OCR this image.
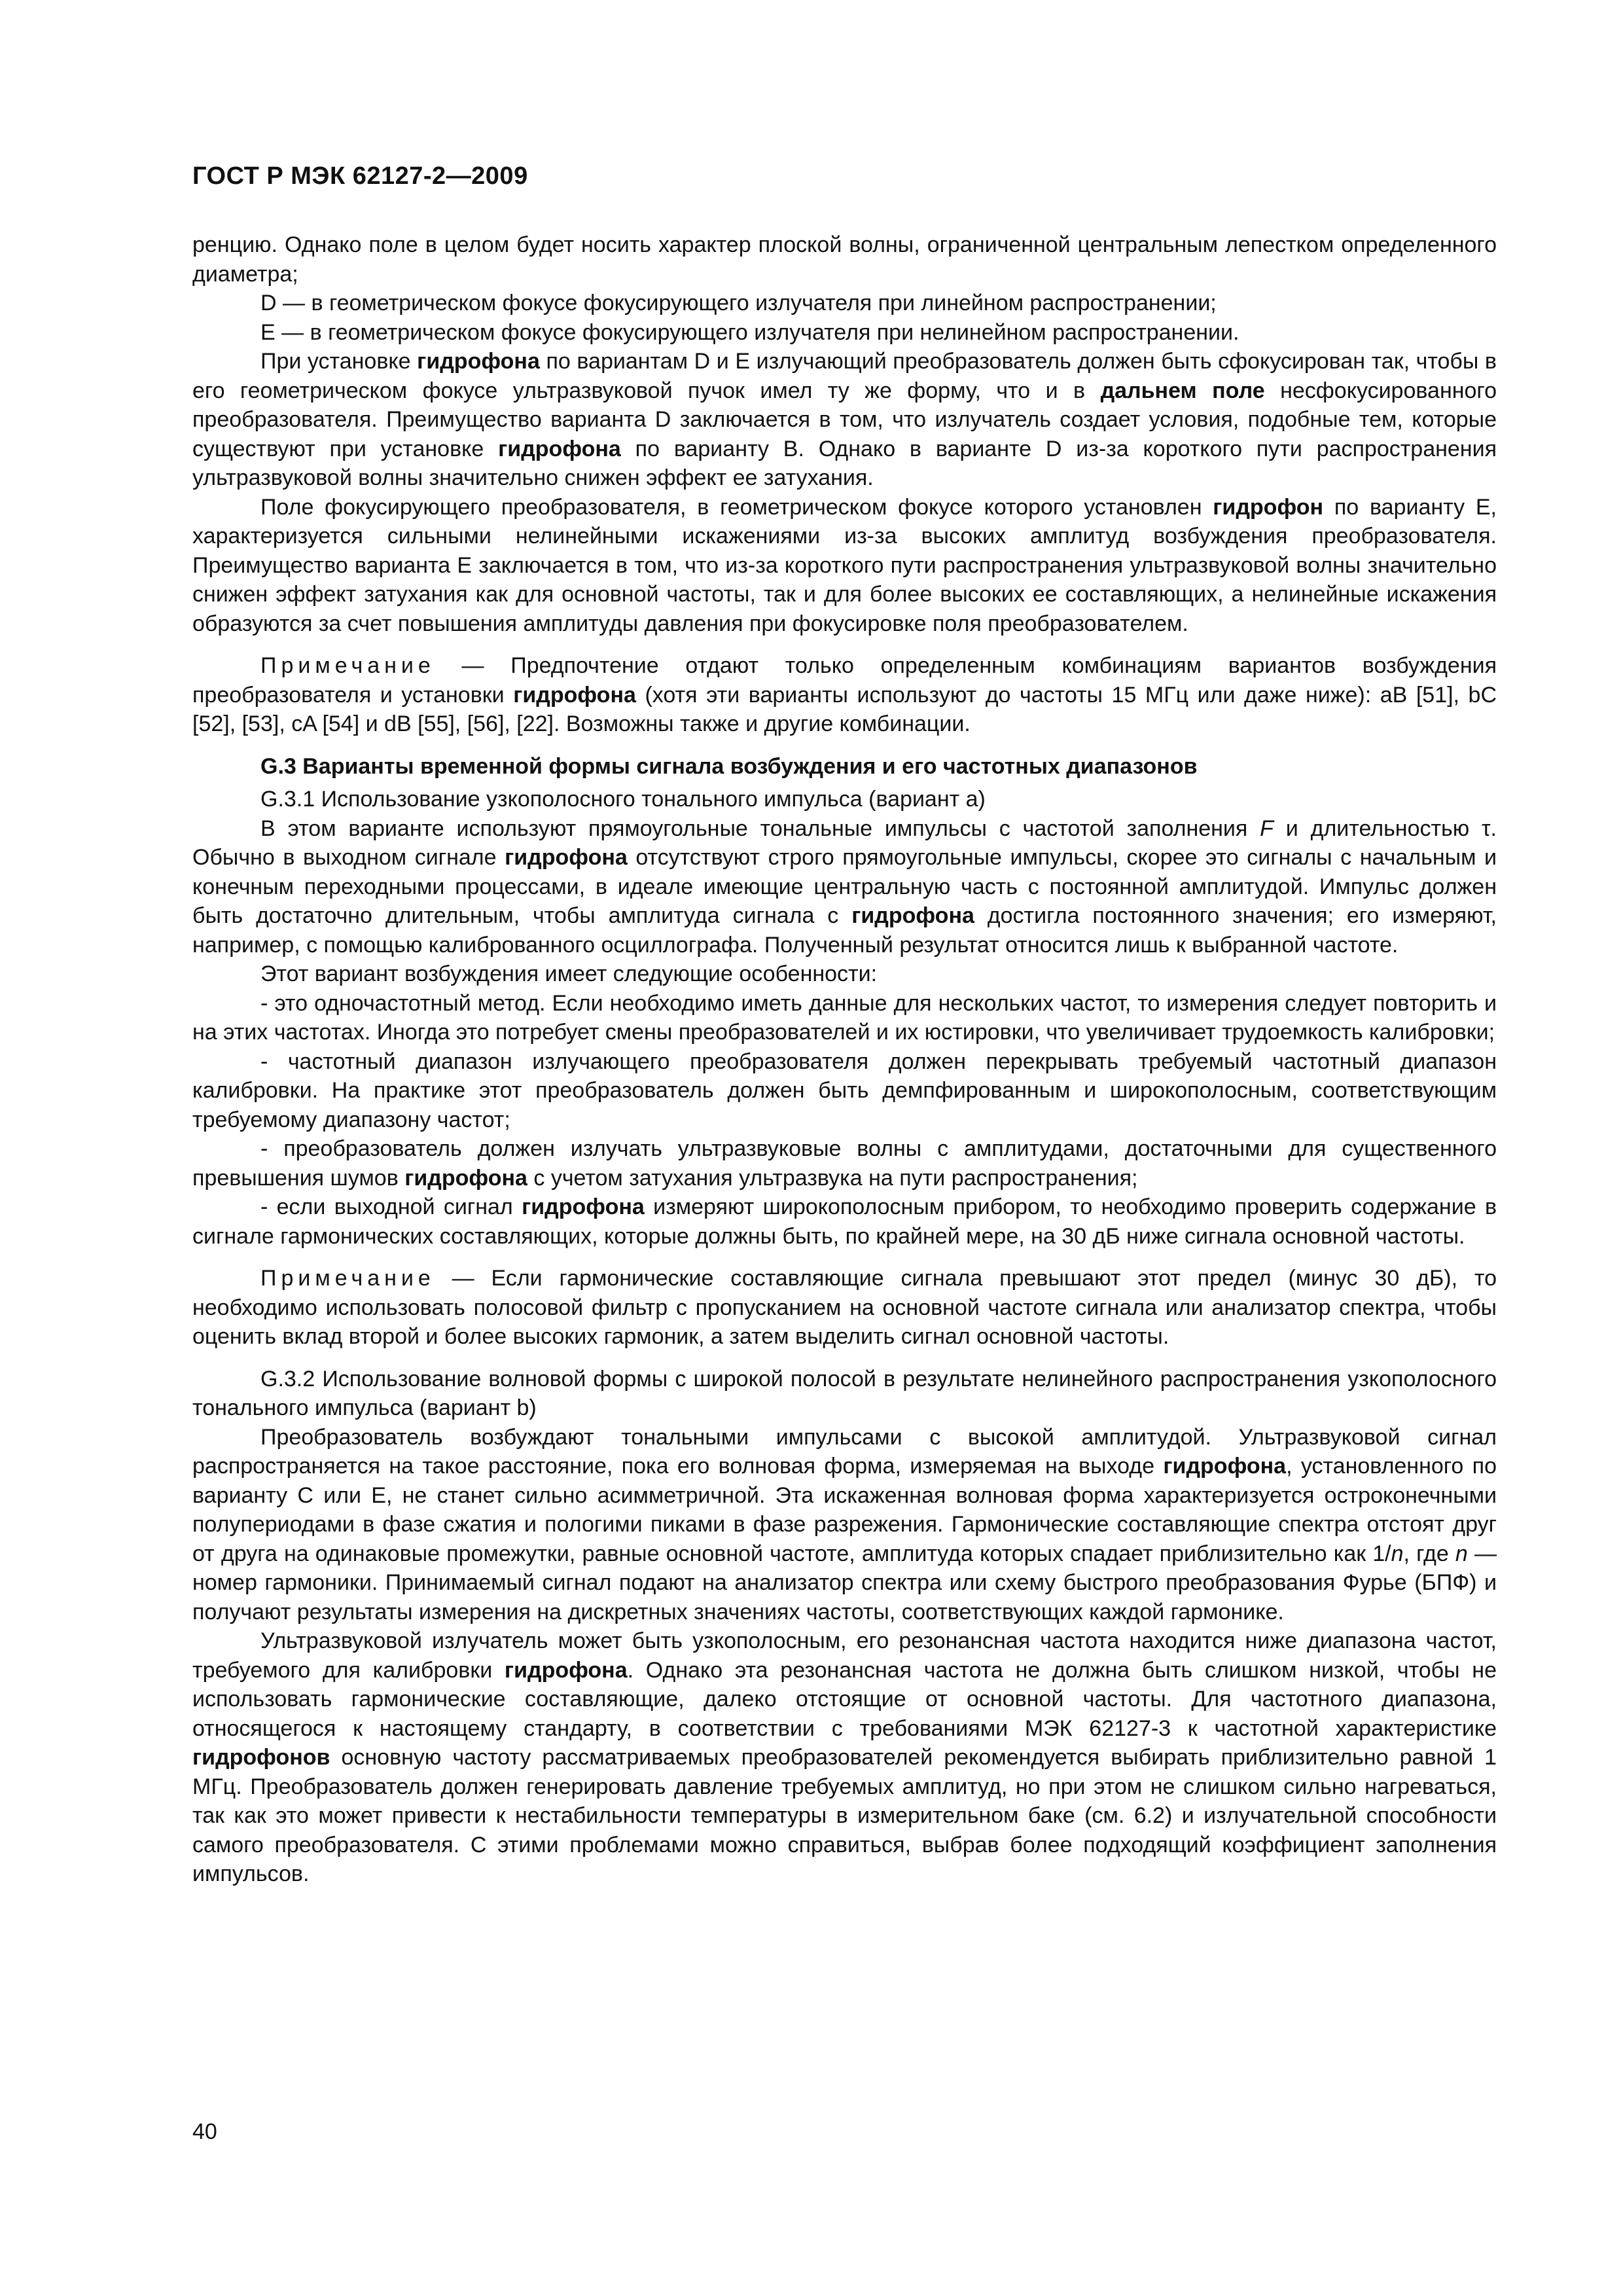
ГОСТ Р МЭК 62127-2—2009

ренцию. Однако поле в целом будет носить характер плоской волны, ограниченной центральным лепестком определенного диаметра;

D — в геометрическом фокусе фокусирующего излучателя при линейном распространении;

E — в геометрическом фокусе фокусирующего излучателя при нелинейном распространении.

При установке гидрофона по вариантам D и E излучающий преобразователь должен быть сфокусирован так, чтобы в его геометрическом фокусе ультразвуковой пучок имел ту же форму, что и в дальнем поле несфокусированного преобразователя. Преимущество варианта D заключается в том, что излучатель создает условия, подобные тем, которые существуют при установке гидрофона по варианту B. Однако в варианте D из-за короткого пути распространения ультразвуковой волны значительно снижен эффект ее затухания.

Поле фокусирующего преобразователя, в геометрическом фокусе которого установлен гидрофон по варианту E, характеризуется сильными нелинейными искажениями из-за высоких амплитуд возбуждения преобразователя. Преимущество варианта E заключается в том, что из-за короткого пути распространения ультразвуковой волны значительно снижен эффект затухания как для основной частоты, так и для более высоких ее составляющих, а нелинейные искажения образуются за счет повышения амплитуды давления при фокусировке поля преобразователем.

Примечание — Предпочтение отдают только определенным комбинациям вариантов возбуждения преобразователя и установки гидрофона (хотя эти варианты используют до частоты 15 МГц или даже ниже): aB [51], bC [52], [53], cA [54] и dB [55], [56], [22]. Возможны также и другие комбинации.

G.3 Варианты временной формы сигнала возбуждения и его частотных диапазонов

G.3.1 Использование узкополосного тонального импульса (вариант а)

В этом варианте используют прямоугольные тональные импульсы с частотой заполнения F и длительностью τ. Обычно в выходном сигнале гидрофона отсутствуют строго прямоугольные импульсы, скорее это сигналы с начальным и конечным переходными процессами, в идеале имеющие центральную часть с постоянной амплитудой. Импульс должен быть достаточно длительным, чтобы амплитуда сигнала с гидрофона достигла постоянного значения; его измеряют, например, с помощью калиброванного осциллографа. Полученный результат относится лишь к выбранной частоте.

Этот вариант возбуждения имеет следующие особенности:

- это одночастотный метод. Если необходимо иметь данные для нескольких частот, то измерения следует повторить и на этих частотах. Иногда это потребует смены преобразователей и их юстировки, что увеличивает трудоемкость калибровки;

- частотный диапазон излучающего преобразователя должен перекрывать требуемый частотный диапазон калибровки. На практике этот преобразователь должен быть демпфированным и широкополосным, соответствующим требуемому диапазону частот;

- преобразователь должен излучать ультразвуковые волны с амплитудами, достаточными для существенного превышения шумов гидрофона с учетом затухания ультразвука на пути распространения;

- если выходной сигнал гидрофона измеряют широкополосным прибором, то необходимо проверить содержание в сигнале гармонических составляющих, которые должны быть, по крайней мере, на 30 дБ ниже сигнала основной частоты.

Примечание — Если гармонические составляющие сигнала превышают этот предел (минус 30 дБ), то необходимо использовать полосовой фильтр с пропусканием на основной частоте сигнала или анализатор спектра, чтобы оценить вклад второй и более высоких гармоник, а затем выделить сигнал основной частоты.

G.3.2 Использование волновой формы с широкой полосой в результате нелинейного распространения узкополосного тонального импульса (вариант b)

Преобразователь возбуждают тональными импульсами с высокой амплитудой. Ультразвуковой сигнал распространяется на такое расстояние, пока его волновая форма, измеряемая на выходе гидрофона, установленного по варианту C или E, не станет сильно асимметричной. Эта искаженная волновая форма характеризуется остроконечными полупериодами в фазе сжатия и пологими пиками в фазе разрежения. Гармонические составляющие спектра отстоят друг от друга на одинаковые промежутки, равные основной частоте, амплитуда которых спадает приблизительно как 1/n, где n — номер гармоники. Принимаемый сигнал подают на анализатор спектра или схему быстрого преобразования Фурье (БПФ) и получают результаты измерения на дискретных значениях частоты, соответствующих каждой гармонике.

Ультразвуковой излучатель может быть узкополосным, его резонансная частота находится ниже диапазона частот, требуемого для калибровки гидрофона. Однако эта резонансная частота не должна быть слишком низкой, чтобы не использовать гармонические составляющие, далеко отстоящие от основной частоты. Для частотного диапазона, относящегося к настоящему стандарту, в соответствии с требованиями МЭК 62127-3 к частотной характеристике гидрофонов основную частоту рассматриваемых преобразователей рекомендуется выбирать приблизительно равной 1 МГц. Преобразователь должен генерировать давление требуемых амплитуд, но при этом не слишком сильно нагреваться, так как это может привести к нестабильности температуры в измерительном баке (см. 6.2) и излучательной способности самого преобразователя. С этими проблемами можно справиться, выбрав более подходящий коэффициент заполнения импульсов.

40
